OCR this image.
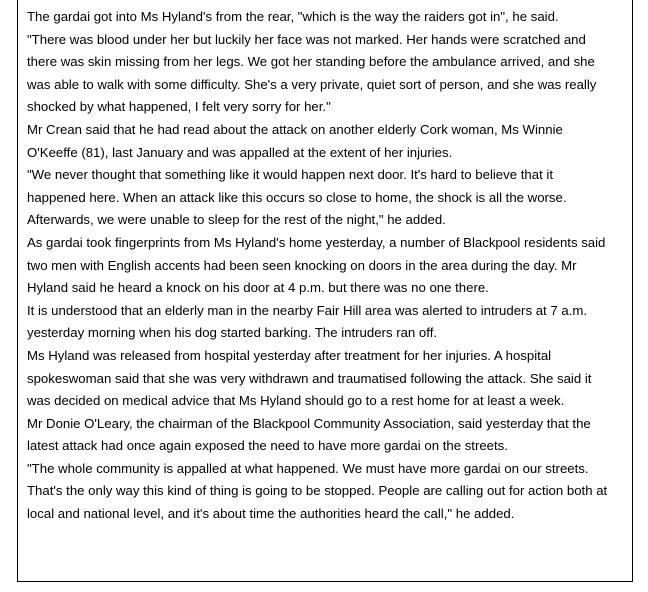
The gardai got into Ms Hyland's from the rear, "which is the way the raiders got in", he said.
"There was blood under her but luckily her face was not marked. Her hands were scratched and
there was skin missing from her legs. We got her standing before the ambulance arrived, and she
was able to walk with some difficulty. She's a very private, quiet sort of person, and she was really
shocked by what happened, I felt very sorry for her."
Mr Crean said that he had read about the attack on another elderly Cork woman, Ms Winnie
O'Keeffe (81), last January and was appalled at the extent of her injuries.
"We never thought that something like it would happen next door. It's hard to believe that it
happened here. When an attack like this occurs so close to home, the shock is all the worse.
Afterwards, we were unable to sleep for the rest of the night," he added.
As gardai took fingerprints from Ms Hyland's home yesterday, a number of Blackpool residents said
two men with English accents had been seen knocking on doors in the area during the day. Mr
Hyland said he heard a knock on his door at 4 p.m. but there was no one there.
It is understood that an elderly man in the nearby Fair Hill area was alerted to intruders at 7 a.m.
yesterday morning when his dog started barking. The intruders ran off.
Ms Hyland was released from hospital yesterday after treatment for her injuries. A hospital
spokeswoman said that she was very withdrawn and traumatised following the attack. She said it
was decided on medical advice that Ms Hyland should go to a rest home for at least a week.
Mr Donie O'Leary, the chairman of the Blackpool Community Association, said yesterday that the
latest attack had once again exposed the need to have more gardai on the streets.
"The whole community is appalled at what happened. We must have more gardai on our streets.
That's the only way this kind of thing is going to be stopped. People are calling out for action both at
local and national level, and it's about time the authorities heard the call," he added.
